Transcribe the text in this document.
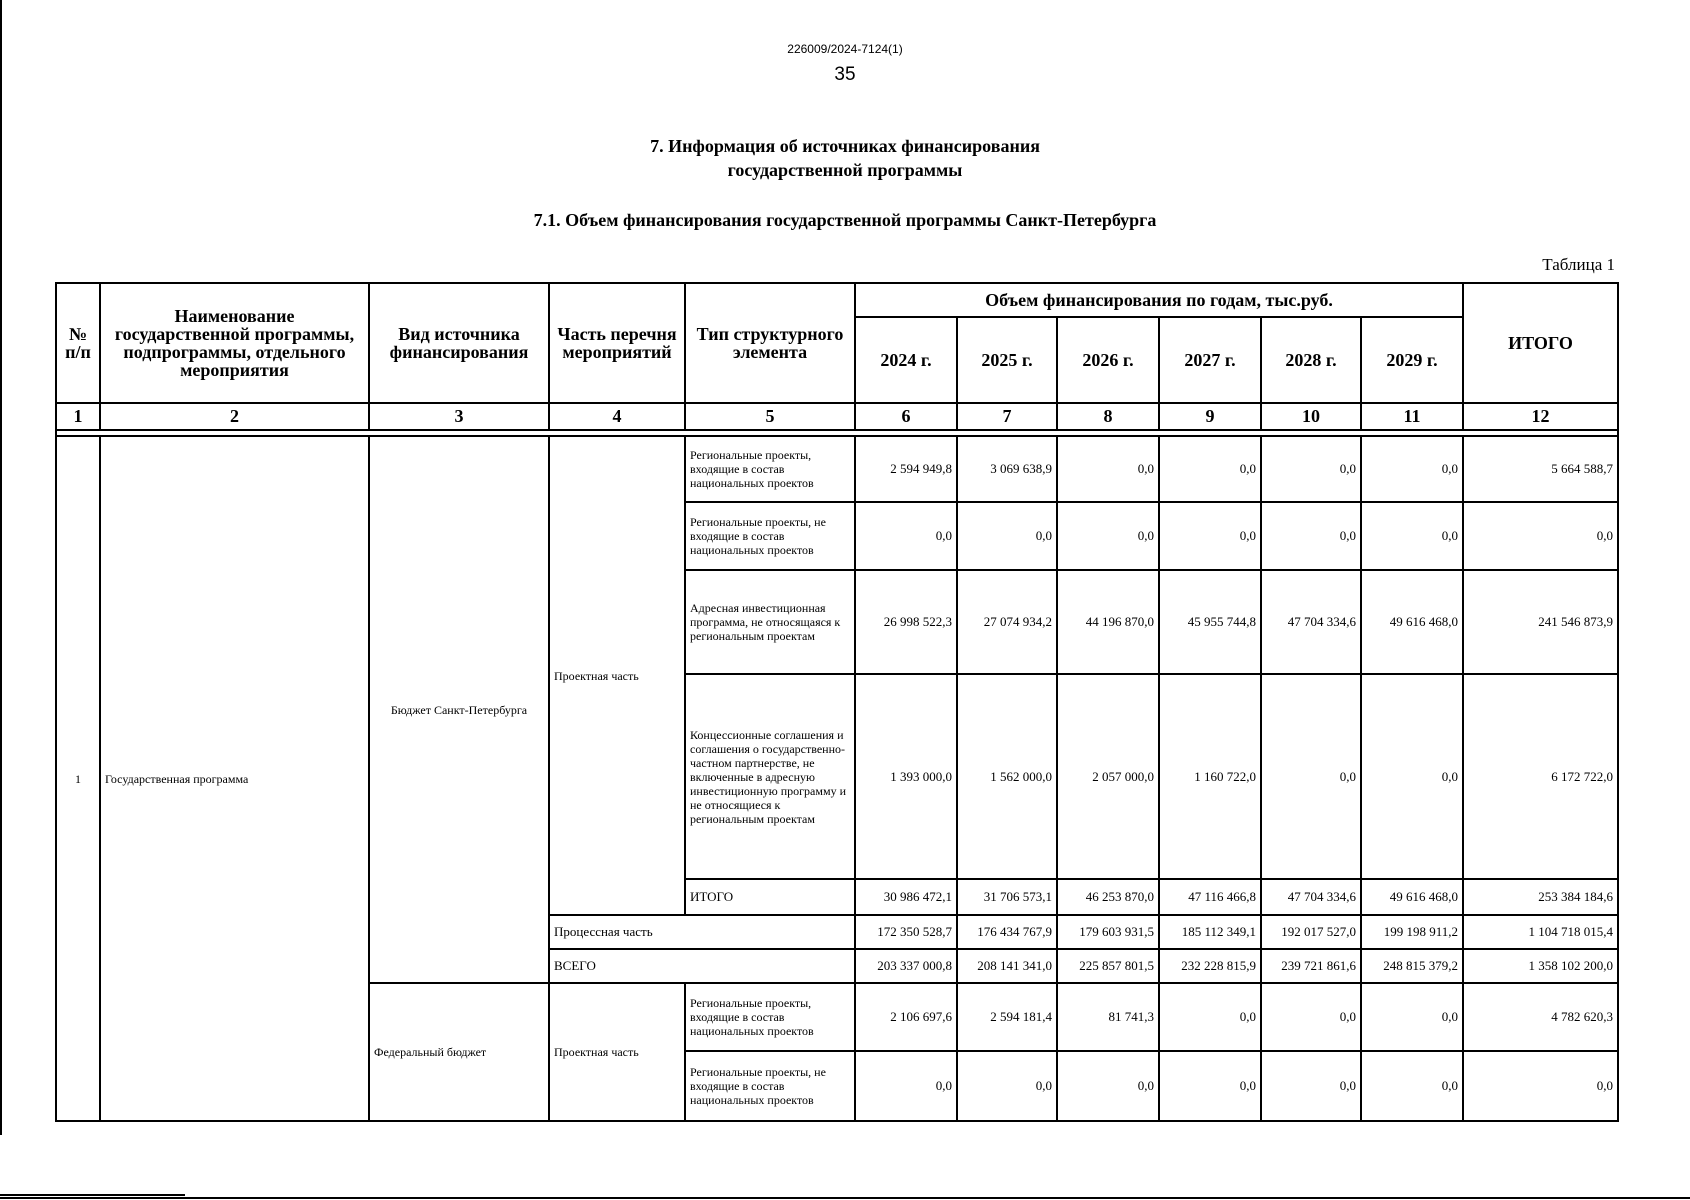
226009/2024-7124(1)
35
7. Информация об источниках финансирования
государственной программы
7.1. Объем финансирования государственной программы Санкт-Петербурга
Таблица 1
№ п/п	Наименование государственной программы, подпрограммы, отдельного мероприятия	Вид источника финансирования	Часть перечня мероприятий	Тип структурного элемента	Объем финансирования по годам, тыс.руб.						ИТОГО
					2024 г.	2025 г.	2026 г.	2027 г.	2028 г.	2029 г.	
1	2	3	4	5	6	7	8	9	10	11	12

1	Государственная программа	Бюджет Санкт-Петербурга	Проектная часть	Региональные проекты, входящие в состав национальных проектов	2 594 949,8	3 069 638,9	0,0	0,0	0,0	0,0	5 664 588,7
				Региональные проекты, не входящие в состав национальных проектов	0,0	0,0	0,0	0,0	0,0	0,0	0,0
				Адресная инвестиционная программа, не относящаяся к региональным проектам	26 998 522,3	27 074 934,2	44 196 870,0	45 955 744,8	47 704 334,6	49 616 468,0	241 546 873,9
				Концессионные соглашения и соглашения о государственно-частном партнерстве, не включенные в адресную инвестиционную программу и не относящиеся к региональным проектам	1 393 000,0	1 562 000,0	2 057 000,0	1 160 722,0	0,0	0,0	6 172 722,0
				ИТОГО	30 986 472,1	31 706 573,1	46 253 870,0	47 116 466,8	47 704 334,6	49 616 468,0	253 384 184,6
			Процессная часть		172 350 528,7	176 434 767,9	179 603 931,5	185 112 349,1	192 017 527,0	199 198 911,2	1 104 718 015,4
			ВСЕГО		203 337 000,8	208 141 341,0	225 857 801,5	232 228 815,9	239 721 861,6	248 815 379,2	1 358 102 200,0
		Федеральный бюджет	Проектная часть	Региональные проекты, входящие в состав национальных проектов	2 106 697,6	2 594 181,4	81 741,3	0,0	0,0	0,0	4 782 620,3
				Региональные проекты, не входящие в состав национальных проектов	0,0	0,0	0,0	0,0	0,0	0,0	0,0
